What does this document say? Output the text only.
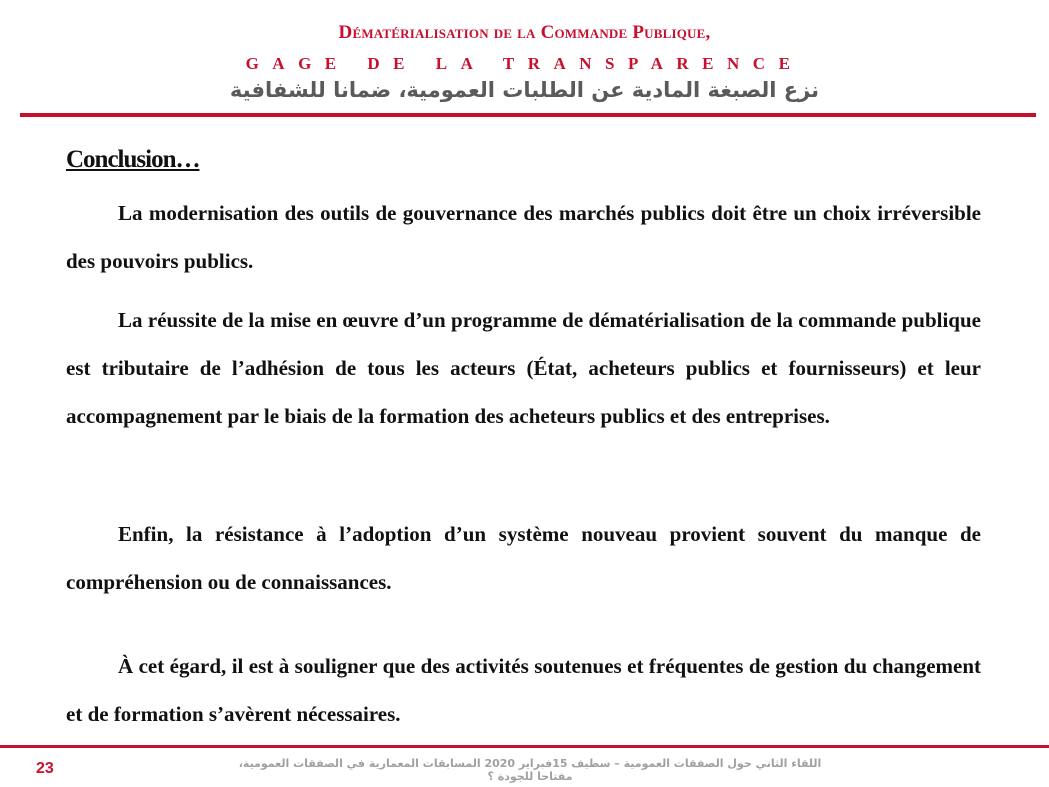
Dématérialisation de la Commande Publique,
GAGE DE LA TRANSPARENCE
نزع الصبغة المادية عن الطلبات العمومية، ضمانا للشفافية
Conclusion…

La modernisation des outils de gouvernance des marchés publics doit être un choix irréversible des pouvoirs publics.

La réussite de la mise en œuvre d’un programme de dématérialisation de la commande publique est tributaire de l’adhésion de tous les acteurs (État, acheteurs publics et fournisseurs) et leur accompagnement par le biais de la formation des acheteurs publics et des entreprises.

Enfin, la résistance à l’adoption d’un système nouveau provient souvent du manque de compréhension ou de connaissances.

À cet égard, il est à souligner que des activités soutenues et fréquentes de gestion du changement et de formation s’avèrent nécessaires.

23	اللقاء الثاني حول الصفقات العمومية – سطيف 15فبراير 2020 المسابقات المعمارية في الصفقات العمومية، مفتاحا للجودة ؟
